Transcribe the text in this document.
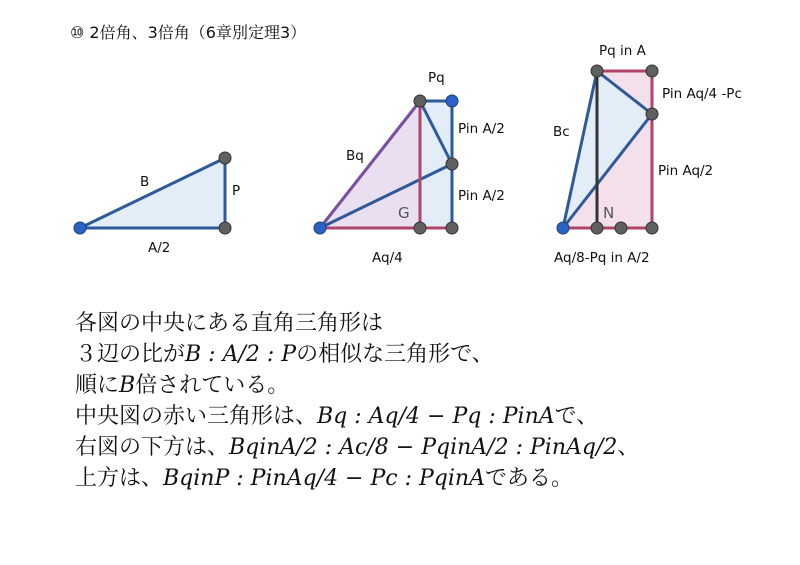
⑩ 2倍角、3倍角（6章別定理3）
B
P
A/2
Pq
Bq
Pin A/2
Pin A/2
G
Aq/4
Pq in A
Bc
Pin Aq/4 -Pc
Pin Aq/2
N
Aq/8-Pq in A/2
各図の中央にある直角三角形は
３辺の比がB : A/2 : Pの相似な三角形で、
順にB倍されている。
中央図の赤い三角形は、Bq : Aq/4 − Pq : PinAで、
右図の下方は、BqinA/2 : Ac/8 − PqinA/2 : PinAq/2、
上方は、BqinP : PinAq/4 − Pc : PqinAである。
